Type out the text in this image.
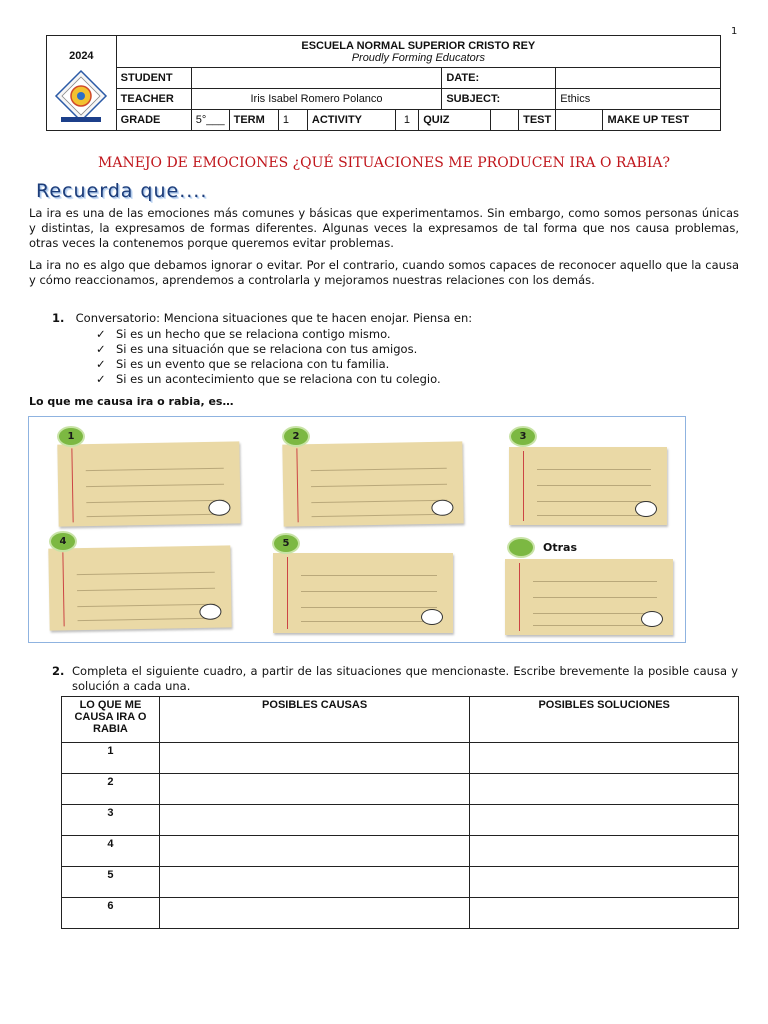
1
2024	ESCUELA NORMAL SUPERIOR CRISTO REY
Proudly Forming Educators											

	STUDENT							DATE:				
	TEACHER	Iris Isabel Romero Polanco						SUBJECT:			Ethics	
	GRADE	5°___	TERM	1	ACTIVITY	1	QUIZ			TEST		MAKE UP TEST
MANEJO DE EMOCIONES ¿QUÉ SITUACIONES ME PRODUCEN IRA O RABIA?
Recuerda que....
La ira es una de las emociones más comunes y básicas que experimentamos. Sin embargo, como somos personas únicas y distintas, la expresamos de formas diferentes. Algunas veces la expresamos de tal forma que nos causa problemas, otras veces la contenemos porque queremos evitar problemas.
La ira no es algo que debamos ignorar o evitar. Por el contrario, cuando somos capaces de reconocer aquello que la causa y cómo reaccionamos, aprendemos a controlarla y mejoramos nuestras relaciones con los demás.
1. Conversatorio: Menciona situaciones que te hacen enojar. Piensa en:
✓ Si es un hecho que se relaciona contigo mismo.
✓ Si es una situación que se relaciona con tus amigos.
✓ Si es un evento que se relaciona con tu familia.
✓ Si es un acontecimiento que se relaciona con tu colegio.
Lo que me causa ira o rabia, es…
1	2	3
4	5	Otras
2. Completa el siguiente cuadro, a partir de las situaciones que mencionaste. Escribe brevemente la posible causa y solución a cada una.
LO QUE ME CAUSA IRA O RABIA	POSIBLES CAUSAS	POSIBLES SOLUCIONES
1		
2		
3		
4		
5		
6		
